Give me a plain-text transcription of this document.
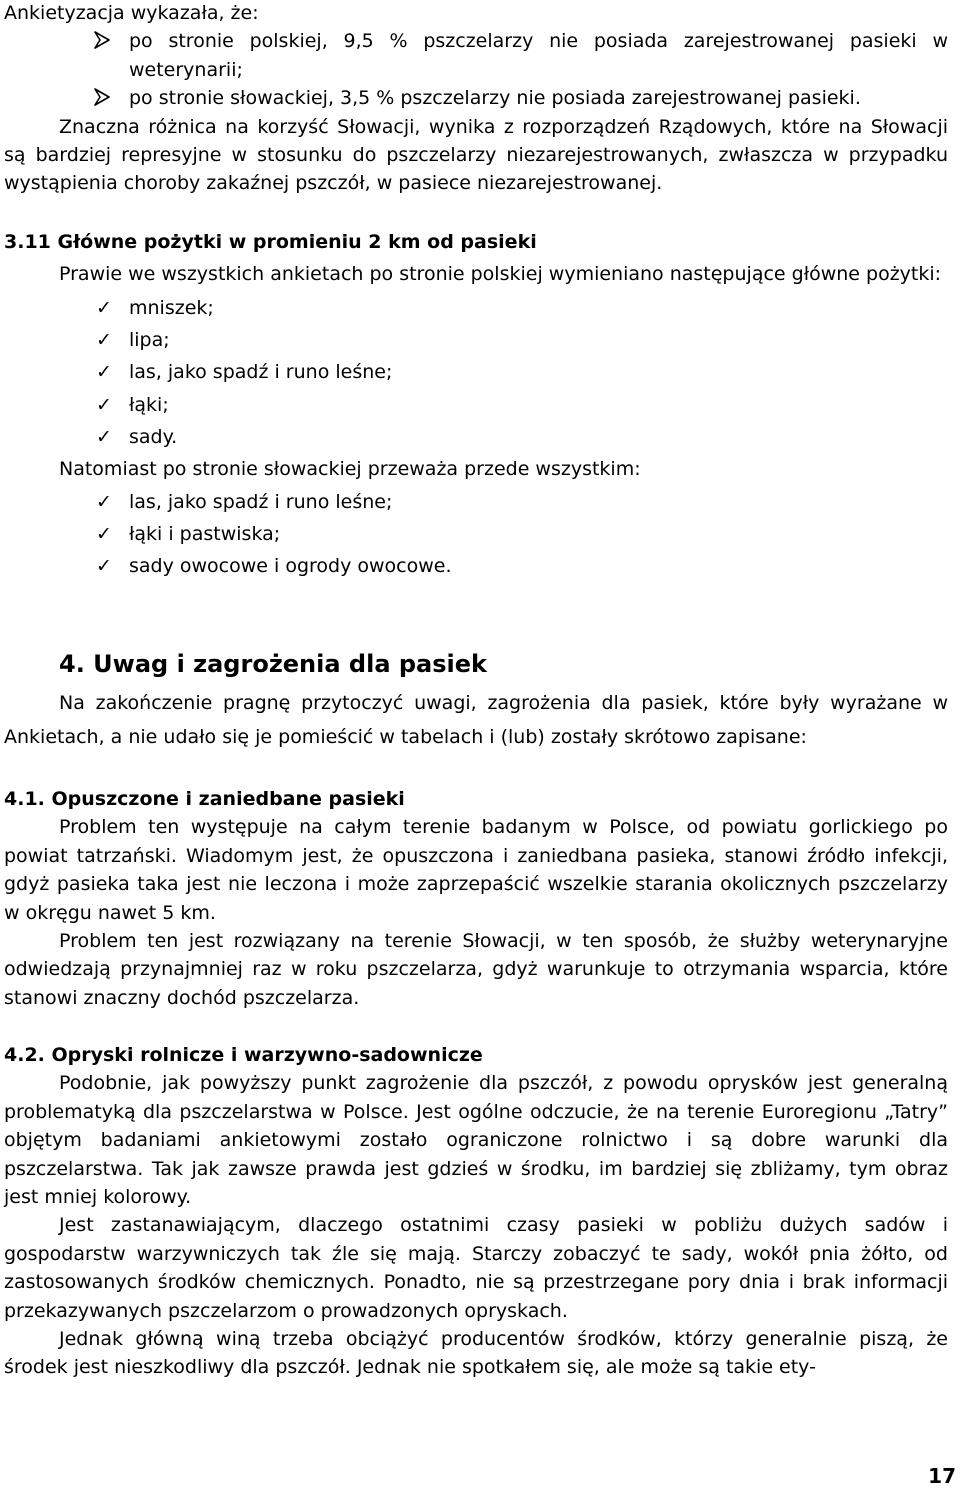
Ankietyzacja wykazała, że:

po stronie polskiej, 9,5 % pszczelarzy nie posiada zarejestrowanej pasieki w weterynarii;
po stronie słowackiej, 3,5 % pszczelarzy nie posiada zarejestrowanej pasieki.

Znaczna różnica na korzyść Słowacji, wynika z rozporządzeń Rządowych, które na Słowacji są bardziej represyjne w stosunku do pszczelarzy niezarejestrowanych, zwłaszcza w przypadku wystąpienia choroby zakaźnej pszczół, w pasiece niezarejestrowanej.

3.11 Główne pożytki w promieniu 2 km od pasieki

Prawie we wszystkich ankietach po stronie polskiej wymieniano następujące główne pożytki:

✓ mniszek;
✓ lipa;
✓ las, jako spadź i runo leśne;
✓ łąki;
✓ sady.

Natomiast po stronie słowackiej przeważa przede wszystkim:

✓ las, jako spadź i runo leśne;
✓ łąki i pastwiska;
✓ sady owocowe i ogrody owocowe.

4. Uwag i zagrożenia dla pasiek

Na zakończenie pragnę przytoczyć uwagi, zagrożenia dla pasiek, które były wyrażane w Ankietach, a nie udało się je pomieścić w tabelach i (lub) zostały skrótowo zapisane:

4.1. Opuszczone i zaniedbane pasieki

Problem ten występuje na całym terenie badanym w Polsce, od powiatu gorlickiego po powiat tatrzański. Wiadomym jest, że opuszczona i zaniedbana pasieka, stanowi źródło infekcji, gdyż pasieka taka jest nie leczona i może zaprzepaścić wszelkie starania okolicznych pszczelarzy w okręgu nawet 5 km.

Problem ten jest rozwiązany na terenie Słowacji, w ten sposób, że służby weterynaryjne odwiedzają przynajmniej raz w roku pszczelarza, gdyż warunkuje to otrzymania wsparcia, które stanowi znaczny dochód pszczelarza.

4.2. Opryski rolnicze i warzywno-sadownicze

Podobnie, jak powyższy punkt zagrożenie dla pszczół, z powodu oprysków jest generalną problematyką dla pszczelarstwa w Polsce. Jest ogólne odczucie, że na terenie Euroregionu „Tatry” objętym badaniami ankietowymi zostało ograniczone rolnictwo i są dobre warunki dla pszczelarstwa. Tak jak zawsze prawda jest gdzieś w środku, im bardziej się zbliżamy, tym obraz jest mniej kolorowy.

Jest zastanawiającym, dlaczego ostatnimi czasy pasieki w pobliżu dużych sadów i gospodarstw warzywniczych tak źle się mają. Starczy zobaczyć te sady, wokół pnia żółto, od zastosowanych środków chemicznych. Ponadto, nie są przestrzegane pory dnia i brak informacji przekazywanych pszczelarzom o prowadzonych opryskach.

Jednak główną winą trzeba obciążyć producentów środków, którzy generalnie piszą, że środek jest nieszkodliwy dla pszczół. Jednak nie spotkałem się, ale może są takie ety-

17
